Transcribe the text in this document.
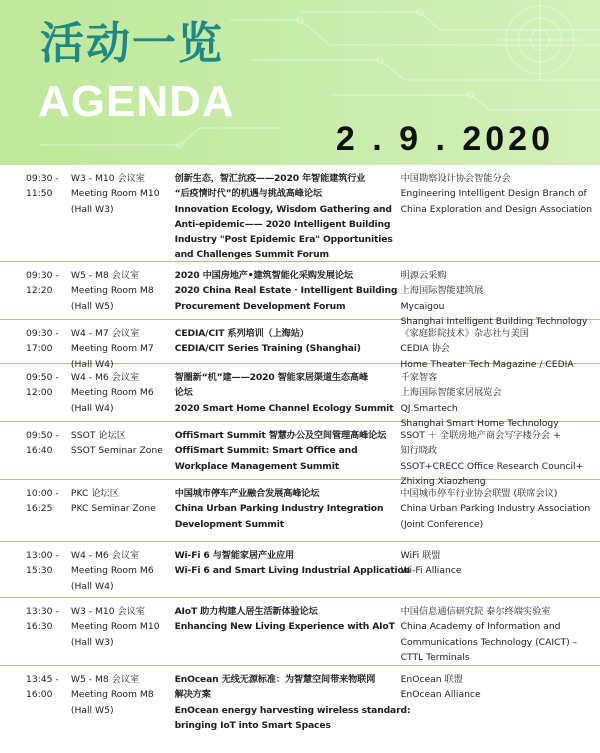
活动一览
AGENDA
2 . 9 . 2020
09:30 -
11:50
W3 - M10 会议室
Meeting Room M10
(Hall W3)
创新生态，智汇抗疫——2020 年智能建筑行业
“后疫情时代”的机遇与挑战高峰论坛
Innovation Ecology, Wisdom Gathering and
Anti-epidemic—— 2020 Intelligent Building
Industry "Post Epidemic Era" Opportunities
and Challenges Summit Forum
中国勘察设计协会智能分会
Engineering Intelligent Design Branch of
China Exploration and Design Association
09:30 -
12:20
W5 - M8 会议室
Meeting Room M8
(Hall W5)
2020 中国房地产•建筑智能化采购发展论坛
2020 China Real Estate · Intelligent Building
Procurement Development Forum
明源云采购
上海国际智能建筑展
Mycaigou
Shanghai Intelligent Building Technology
09:30 -
17:00
W4 - M7 会议室
Meeting Room M7
(Hall W4)
CEDIA/CIT 系列培训（上海站）
CEDIA/CIT Series Training (Shanghai)
《家庭影院技术》杂志社与美国
CEDIA 协会
Home Theater Tech Magazine / CEDIA
09:50 -
12:00
W4 - M6 会议室
Meeting Room M6
(Hall W4)
智圈新“机”建——2020 智能家居渠道生态高峰
论坛
2020 Smart Home Channel Ecology Summit
千家智客
上海国际智能家居展览会
QJ.Smartech
Shanghai Smart Home Technology
09:50 -
16:40
SSOT 论坛区
SSOT Seminar Zone
OffiSmart Summit 智慧办公及空间管理高峰论坛
OffiSmart Summit: Smart Office and
Workplace Management Summit
SSOT ＋ 全联房地产商会写字楼分会 +
知行晓政
SSOT+CRECC Office Research Council+
Zhixing Xiaozheng
10:00 -
16:25
PKC 论坛区
PKC Seminar Zone
中国城市停车产业融合发展高峰论坛
China Urban Parking Industry Integration
Development Summit
中国城市停车行业协会联盟 (联席会议)
China Urban Parking Industry Association
(Joint Conference)
13:00 -
15:30
W4 - M6 会议室
Meeting Room M6
(Hall W4)
Wi-Fi 6 与智能家居产业应用
Wi-Fi 6 and Smart Living Industrial Application
WiFi 联盟
Wi-Fi Alliance
13:30 -
16:30
W3 - M10 会议室
Meeting Room M10
(Hall W3)
AIoT 助力构建人居生活新体验论坛
Enhancing New Living Experience with AIoT
中国信息通信研究院 泰尔终端实验室
China Academy of Information and
Communications Technology (CAICT) –
CTTL Terminals
13:45 -
16:00
W5 - M8 会议室
Meeting Room M8
(Hall W5)
EnOcean 无线无源标准：为智慧空间带来物联网
解决方案
EnOcean energy harvesting wireless standard:
bringing IoT into Smart Spaces
EnOcean 联盟
EnOcean Alliance
